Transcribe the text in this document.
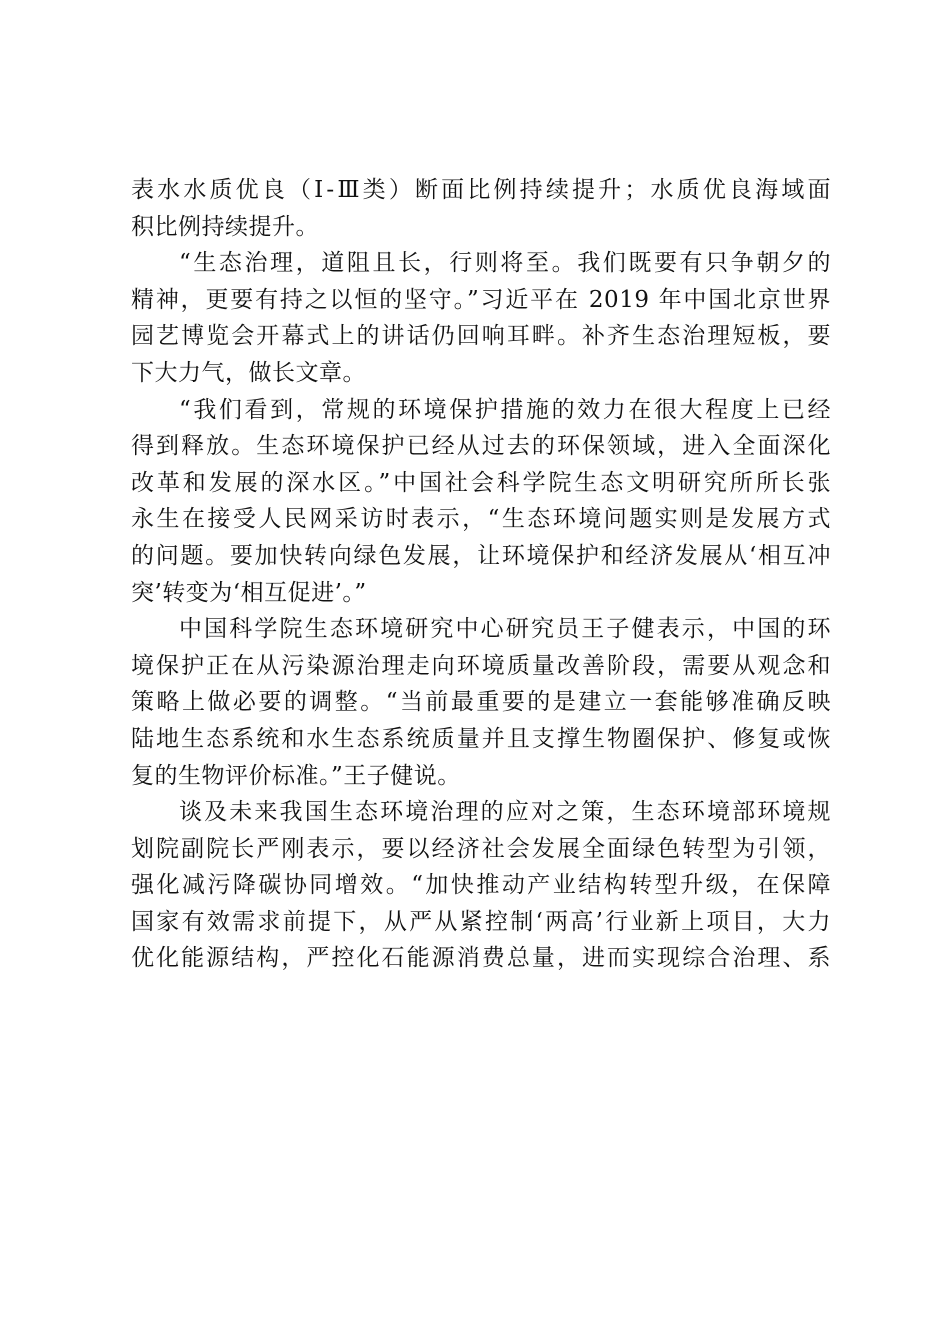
表水水质优良（Ⅰ-Ⅲ类）断面比例持续提升；水质优良海域面
积比例持续提升。
“生态治理，道阻且长，行则将至。我们既要有只争朝夕的
精神，更要有持之以恒的坚守。”习近平在 2019 年中国北京世界
园艺博览会开幕式上的讲话仍回响耳畔。补齐生态治理短板，要
下大力气，做长文章。
“我们看到，常规的环境保护措施的效力在很大程度上已经
得到释放。生态环境保护已经从过去的环保领域，进入全面深化
改革和发展的深水区。”中国社会科学院生态文明研究所所长张
永生在接受人民网采访时表示，“生态环境问题实则是发展方式
的问题。要加快转向绿色发展，让环境保护和经济发展从‘相互冲
突’转变为‘相互促进’。”
中国科学院生态环境研究中心研究员王子健表示，中国的环
境保护正在从污染源治理走向环境质量改善阶段，需要从观念和
策略上做必要的调整。“当前最重要的是建立一套能够准确反映
陆地生态系统和水生态系统质量并且支撑生物圈保护、修复或恢
复的生物评价标准。”王子健说。
谈及未来我国生态环境治理的应对之策，生态环境部环境规
划院副院长严刚表示，要以经济社会发展全面绿色转型为引领，
强化减污降碳协同增效。“加快推动产业结构转型升级，在保障
国家有效需求前提下，从严从紧控制‘两高’行业新上项目，大力
优化能源结构，严控化石能源消费总量，进而实现综合治理、系
